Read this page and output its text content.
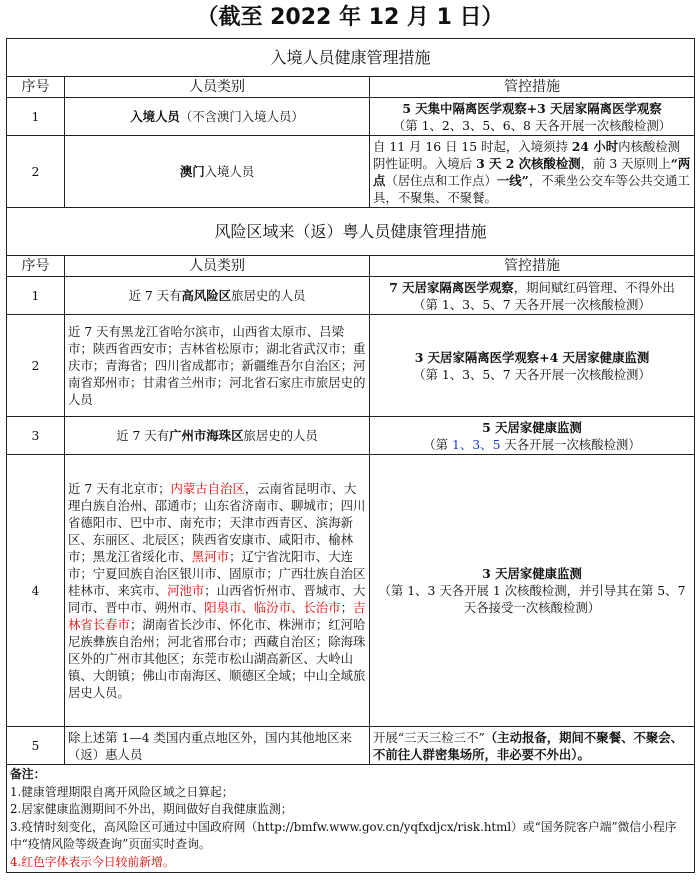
（截至 2022 年 12 月 1 日）
入境人员健康管理措施		
序号	人员类别	管控措施
1	入境人员（不含澳门入境人员）	5 天集中隔离医学观察+3 天居家隔离医学观察
（第 1、2、3、5、6、8 天各开展一次核酸检测）
2	澳门入境人员	自 11 月 16 日 15 时起，入境须持 24 小时内核酸检测阴性证明。入境后 3 天 2 次核酸检测，前 3 天原则上“两点（居住点和工作点）一线”，不乘坐公交车等公共交通工具，不聚集、不聚餐。
风险区域来（返）粤人员健康管理措施		
序号	人员类别	管控措施
1	近 7 天有高风险区旅居史的人员	7 天居家隔离医学观察，期间赋红码管理、不得外出
（第 1、3、5、7 天各开展一次核酸检测）

2	近 7 天有黑龙江省哈尔滨市，山西省太原市、吕梁市；陕西省西安市；吉林省松原市；湖北省武汉市；重庆市；青海省；四川省成都市；新疆维吾尔自治区；河南省郑州市；甘肃省兰州市；河北省石家庄市旅居史的人员	3 天居家隔离医学观察+4 天居家健康监测
（第 1、3、5、7 天各开展一次核酸检测）
3	近 7 天有广州市海珠区旅居史的人员	5 天居家健康监测
（第 1、3、5 天各开展一次核酸检测）
4	近 7 天有北京市；内蒙古自治区，云南省昆明市、大理白族自治州、邵通市；山东省济南市、聊城市；四川省德阳市、巴中市、南充市；天津市西青区、滨海新区、东丽区、北辰区；陕西省安康市、咸阳市、榆林市；黑龙江省绥化市、黑河市；辽宁省沈阳市、大连市；宁夏回族自治区银川市、固原市；广西壮族自治区桂林市、来宾市、河池市；山西省忻州市、晋城市、大同市、晋中市、朔州市、阳泉市、临汾市、长治市；吉林省长春市；湖南省长沙市、怀化市、株洲市；红河哈尼族彝族自治州；河北省邢台市；西藏自治区；除海珠区外的广州市其他区；东莞市松山湖高新区、大岭山镇、大朗镇；佛山市南海区、顺德区全域；中山全域旅居史人员。	3 天居家健康监测
（第 1、3 天各开展 1 次核酸检测，并引导其在第 5、7 天各接受一次核酸检测）
5	除上述第 1—4 类国内重点地区外，国内其他地区来（返）惠人员	开展“三天三检三不”（主动报备，期间不聚餐、不聚会、不前往人群密集场所，非必要不外出）。

备注：
1.健康管理期限自离开风险区域之日算起；
2.居家健康监测期间不外出，期间做好自我健康监测；
3.疫情时刻变化，高风险区可通过中国政府网（http://bmfw.www.gov.cn/yqfxdjcx/risk.html）或“国务院客户端”微信小程序中“疫情风险等级查询”页面实时查询。
4.红色字体表示今日较前新增。		
